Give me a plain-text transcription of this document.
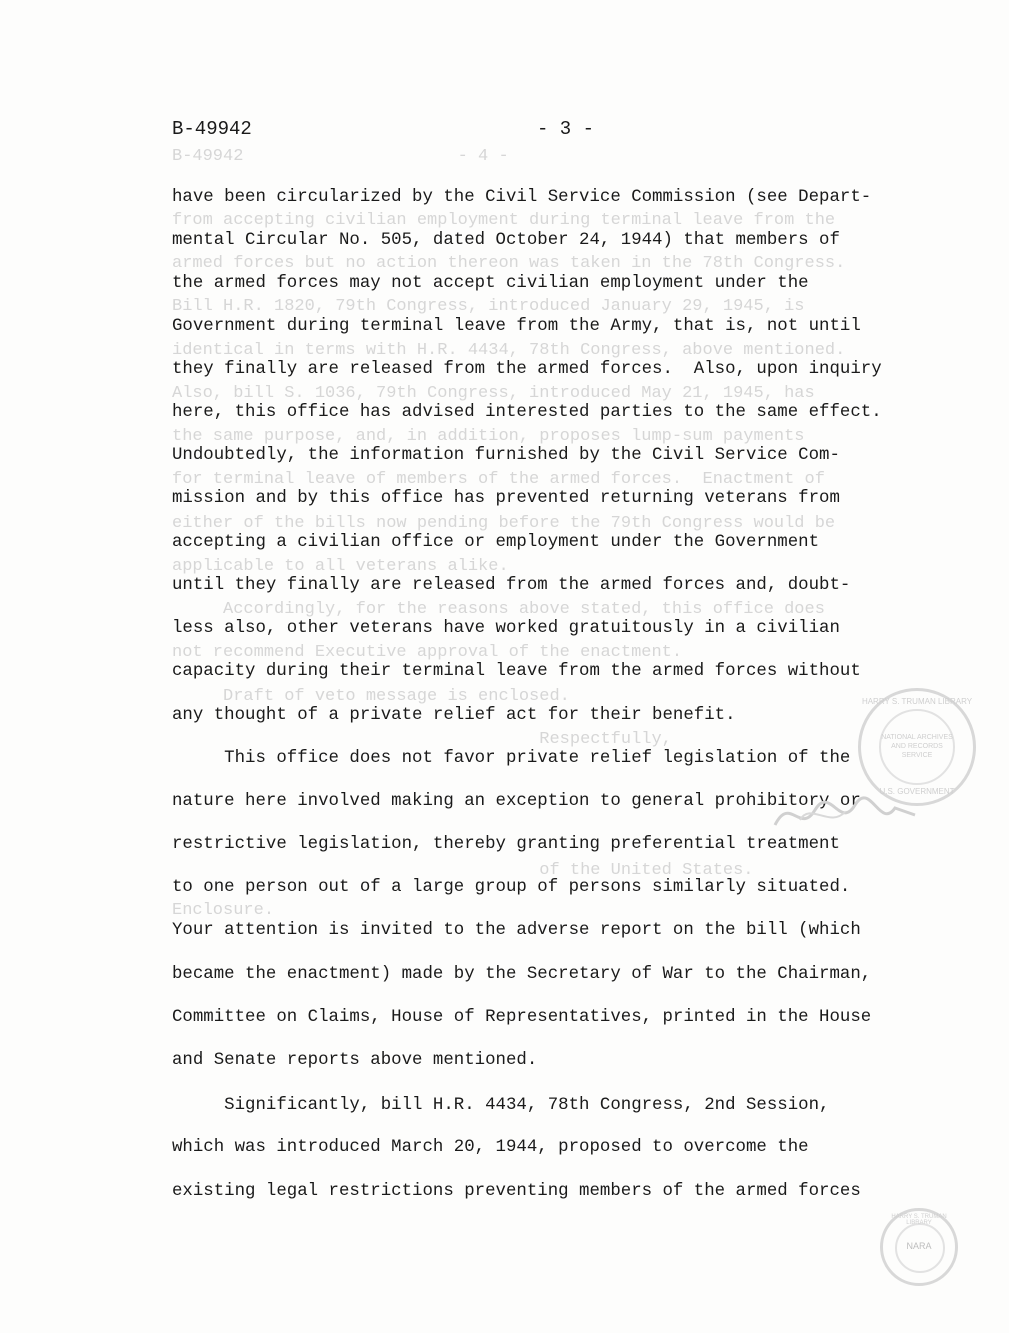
B-49942                     - 4 -
from accepting civilian employment during terminal leave from the
armed forces but no action thereon was taken in the 78th Congress.
Bill H.R. 1820, 79th Congress, introduced January 29, 1945, is
identical in terms with H.R. 4434, 78th Congress, above mentioned.
Also, bill S. 1036, 79th Congress, introduced May 21, 1945, has
the same purpose, and, in addition, proposes lump-sum payments
for terminal leave of members of the armed forces.  Enactment of
either of the bills now pending before the 79th Congress would be
applicable to all veterans alike.
Accordingly, for the reasons above stated, this office does
not recommend Executive approval of the enactment.
Draft of veto message is enclosed.
Respectfully,
of the United States.
Enclosure.
B-49942	- 3 -
have been circularized by the Civil Service Commission (see Depart-
mental Circular No. 505, dated October 24, 1944) that members of
the armed forces may not accept civilian employment under the
Government during terminal leave from the Army, that is, not until
they finally are released from the armed forces.  Also, upon inquiry
here, this office has advised interested parties to the same effect.
Undoubtedly, the information furnished by the Civil Service Com-
mission and by this office has prevented returning veterans from
accepting a civilian office or employment under the Government
until they finally are released from the armed forces and, doubt-
less also, other veterans have worked gratuitously in a civilian
capacity during their terminal leave from the armed forces without
any thought of a private relief act for their benefit.
This office does not favor private relief legislation of the
nature here involved making an exception to general prohibitory or
restrictive legislation, thereby granting preferential treatment
to one person out of a large group of persons similarly situated.
Your attention is invited to the adverse report on the bill (which
became the enactment) made by the Secretary of War to the Chairman,
Committee on Claims, House of Representatives, printed in the House
and Senate reports above mentioned.
Significantly, bill H.R. 4434, 78th Congress, 2nd Session,
which was introduced March 20, 1944, proposed to overcome the
existing legal restrictions preventing members of the armed forces
HARRY S. TRUMAN LIBRARY
NATIONAL ARCHIVES AND RECORDS SERVICE
U.S. GOVERNMENT
HARRY S. TRUMAN LIBRARY
NARA
